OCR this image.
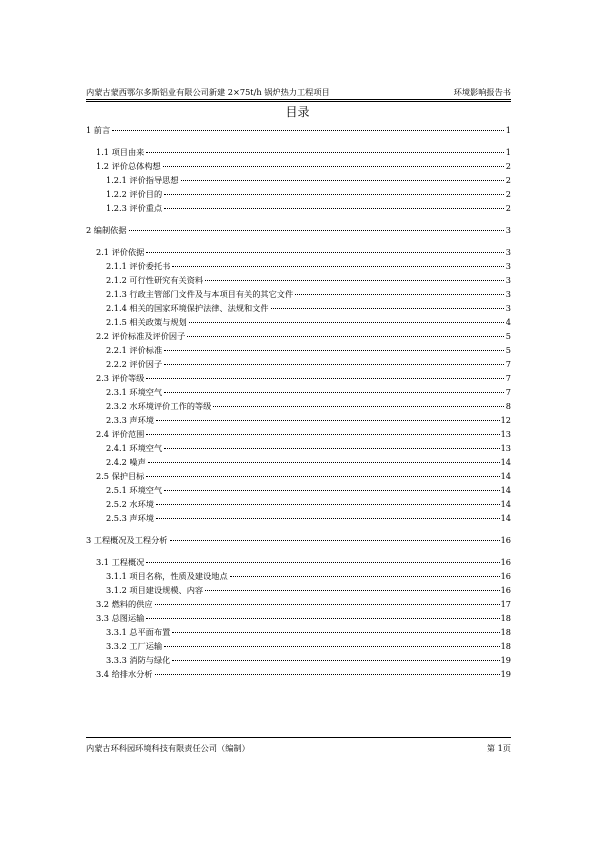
内蒙古蒙西鄂尔多斯铝业有限公司新建 2×75t/h 锅炉热力工程项目	环境影响报告书
目录
1 前言	1
1.1 项目由来	1
1.2 评价总体构想	2
1.2.1 评价指导思想	2
1.2.2 评价目的	2
1.2.3 评价重点	2
2 编制依据	3
2.1 评价依据	3
2.1.1 评价委托书	3
2.1.2 可行性研究有关资料	3
2.1.3 行政主管部门文件及与本项目有关的其它文件	3
2.1.4 相关的国家环境保护法律、法规和文件	3
2.1.5 相关政策与规划	4
2.2 评价标准及评价因子	5
2.2.1 评价标准	5
2.2.2 评价因子	7
2.3 评价等级	7
2.3.1 环境空气	7
2.3.2 水环境评价工作的等级	8
2.3.3 声环境	12
2.4 评价范围	13
2.4.1 环境空气	13
2.4.2 噪声	14
2.5 保护目标	14
2.5.1 环境空气	14
2.5.2 水环境	14
2.5.3 声环境	14
3 工程概况及工程分析	16
3.1 工程概况	16
3.1.1 项目名称，性质及建设地点	16
3.1.2 项目建设规模、内容	16
3.2 燃料的供应	17
3.3 总图运输	18
3.3.1 总平面布置	18
3.3.2 工厂运输	18
3.3.3 消防与绿化	19
3.4 给排水分析	19
内蒙古环科园环境科技有限责任公司（编制）	第 1页
